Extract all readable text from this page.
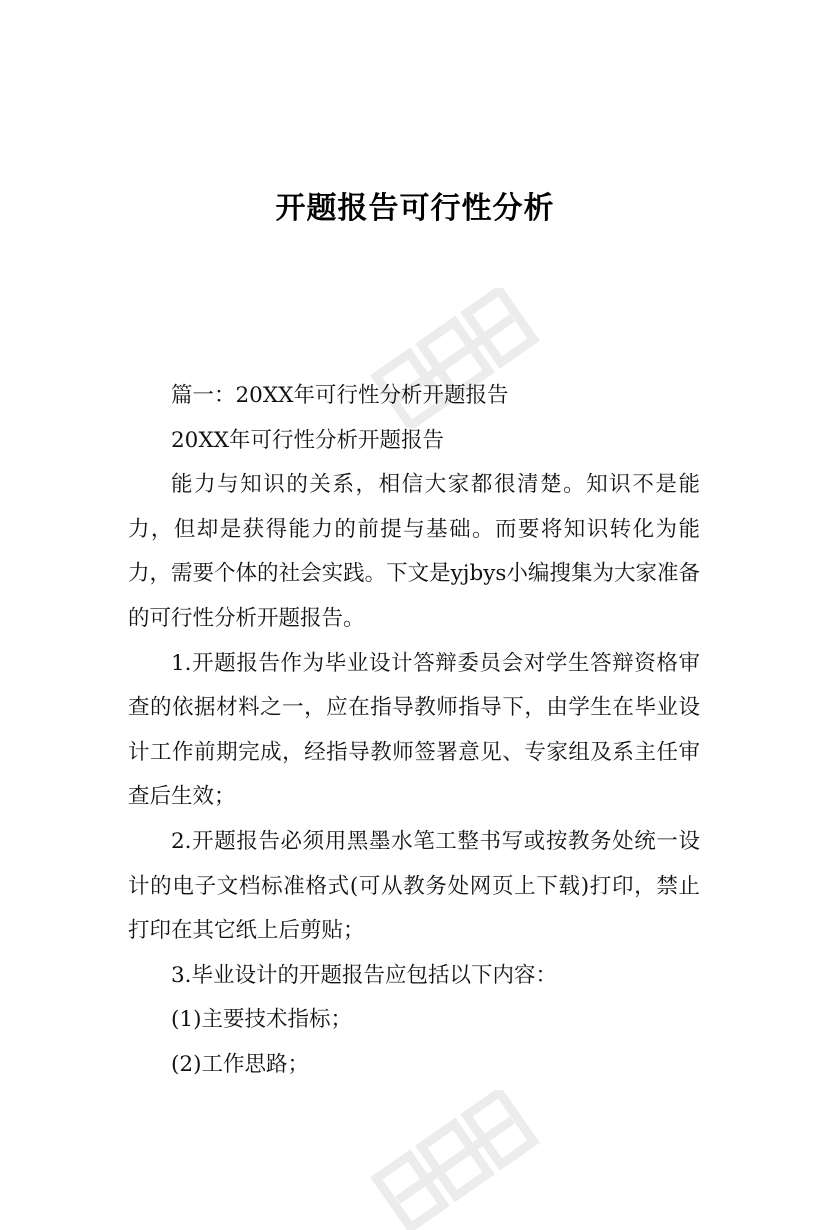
开题报告可行性分析

篇一：20XX年可行性分析开题报告

20XX年可行性分析开题报告

能力与知识的关系，相信大家都很清楚。知识不是能力，但却是获得能力的前提与基础。而要将知识转化为能力，需要个体的社会实践。下文是yjbys小编搜集为大家准备的可行性分析开题报告。

1.开题报告作为毕业设计答辩委员会对学生答辩资格审查的依据材料之一，应在指导教师指导下，由学生在毕业设计工作前期完成，经指导教师签署意见、专家组及系主任审查后生效；

2.开题报告必须用黑墨水笔工整书写或按教务处统一设计的电子文档标准格式(可从教务处网页上下载)打印，禁止打印在其它纸上后剪贴；

3.毕业设计的开题报告应包括以下内容：

(1)主要技术指标；

(2)工作思路；
